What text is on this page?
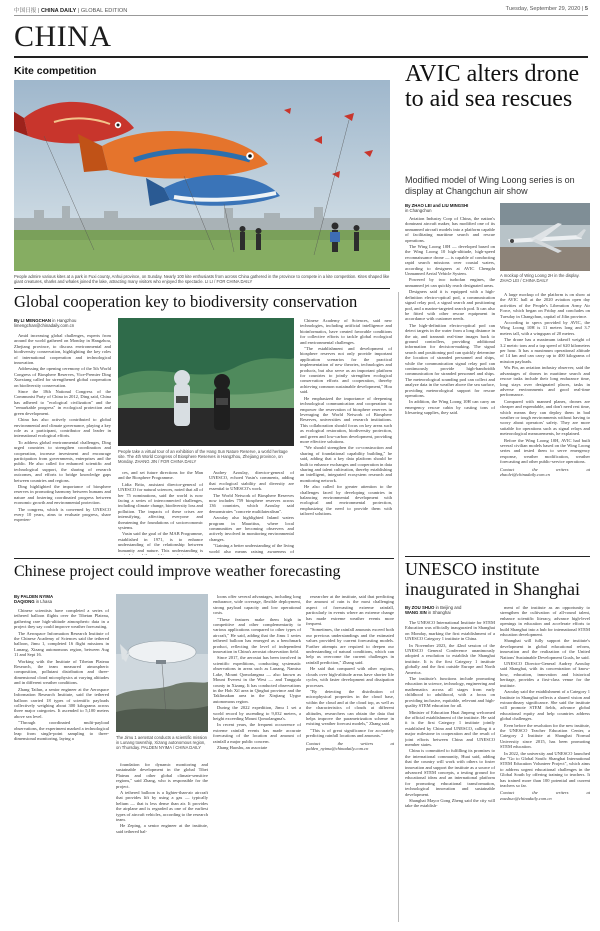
中国日报 | CHINA DAILY | GLOBAL EDITION	Tuesday, September 29, 2020 | 5
CHINA
Kite competition
People admire various kites at a park in Fuxi county, Anhui province, on Sunday. Nearly 100 kite enthusiasts from across China gathered in the province to compete in a kite competition. Kites shaped like giant creatures, sharks and whales joined the lake, attracting many visitors who enjoyed the spectacle. LI LI / FOR CHINA DAILY
AVIC alters drone to aid sea rescues
Modified model of Wing Loong series is on display at Changchun air show
By ZHAO LEI and LIU MINGSHI
in Changchun

Aviation Industry Corp of China, the nation's dominant aircraft maker, has modified one of its unmanned aircraft models into a platform capable of facilitating maritime search and rescue operations.

The Wing Loong 10H — developed based on the Wing Loong 10 high-altitude, high-speed reconnaissance drone — is capable of conducting rapid search missions over coastal waters, according to designers at AVIC Chengdu Unmanned Aerial Vehicle System.

Powered by two turbofan engines, the unmanned jet can quickly reach designated areas.

Designers said it is equipped with a high-definition electro-optical pod, a communication signal relay pod, a signal search and positioning pod, and a marine-targeted search pod. It can also be fitted with other rescue equipment in accordance with customer needs.

The high-definition electro-optical pod can detect targets in the water from a long distance in the air, and transmit real-time images back to ground controllers, providing additional information for decision-making. The signal search and positioning pod can quickly determine the location of stranded personnel and ships, while the communication signal relay pod can continuously provide high-bandwidth communication for stranded personnel and ships. The meteorological sounding pod can collect and analyze data in the weather above the sea surface, providing meteorological support for rescue operations.

In addition, the Wing Loong 10H can carry an emergency rescue cabin by casting tons of lifesaving supplies, they said.

A mockup of Wing Loong 2H in the display. ZHAO LEI / CHINA DAILY

A large mockup of the platform is on show at the AVIC hall at the 2020 aviation open day activities of the People's Liberation Army Air Force, which began on Friday and concludes on Tuesday in Changchun, capital of Jilin province.

According to specs provided by AVIC, the Wing Loong 10H is 11 meters long and 3.7 meters tall, with a wingspan of 20 meters.

The drone has a maximum takeoff weight of 3.2 metric tons and a top speed of 620 kilometers per hour. It has a maximum operational altitude of 14 km and can carry up to 400 kilograms of mission payloads.

Wu Pin, an aviation industry observer, said the advantages of drones in maritime search and rescue tasks include their long endurance time, long stays over designated places, tasks in adverse environments and good real-time performance.

Compared with manned planes, drones are cheaper and expendable, and don't need rest time, which means they can deploy them in bad weather or tough environments without having to worry about operators' safety. They are more suitable for operations such as signal relays and meteorological measurements, he explained.

Before the Wing Loong 10H, AVIC had built several civilian models based on the Wing Loong series and tested them to serve emergency response, weather modification, weather forecasting and other public-service operations.

Contact the writers at zhaolei@chinadaily.com.cn

Global cooperation key to biodiversity conservation
By LI MENGCHAN in Hangzhou
limengchan@chinadaily.com.cn

Amid increasing global challenges, experts from around the world gathered on Monday in Hangzhou, Zhejiang province, to discuss environmental and biodiversity conservation, highlighting the key roles of international cooperation and technological innovation.

Addressing the opening ceremony of the 5th World Congress of Biosphere Reserves, Vice-Premier Ding Xuexiang called for strengthened global cooperation on biodiversity conservation.

Since the 18th National Congress of the Communist Party of China in 2012, Ding said, China has adhered to "ecological civilization" and the "remarkable progress" in ecological protection and green development.

China has also actively contributed to global environmental and climate governance, playing a key role as a participant, contributor and leader in international ecological efforts.

To address global environmental challenges, Ding urged countries to strengthen coordination and cooperation, increase investment and encourage participation from governments, enterprises and the public. He also called for enhanced scientific and technological support, the sharing of research outcomes, and efforts to bridge knowledge gaps between countries and regions.

Ding highlighted the importance of biosphere reserves in promoting harmony between humans and nature and fostering coordinated progress between economic growth and environmental protection.

The congress, which is convened by UNESCO every 10 years, aims to evaluate progress, share experien-

People take a virtual tour of an exhibition of the Hang Sun Nature Reserve, a world heritage site. The 4th World Congress of Biosphere Reserves in Hangzhou, Zhejiang province, on Monday. ZHANG JIN / FOR CHINA DAILY

ces, and set future directions for the Man and the Biosphere Programme.

Lidia Brito, assistant director-general of UNESCO for natural sciences, noted that all of her 75 nominations, said the world is now facing a series of interconnected challenges, including climate change, biodiversity loss and pollution. The impacts of these crises are intensifying, affecting everyone and threatening the foundations of socioeconomic systems.

Vasin said the goal of the MAB Programme, established in 1971, is to enhance understanding of the relationship between humanity and nature. This understanding is

Audrey Azoulay, director-general of UNESCO, echoed Vasin's comments, adding that ecological stability and diversity are essential to UNESCO's work.

The World Network of Biosphere Reserves now includes 759 biosphere reserves across 136 countries, which Azoulay said demonstrates "concrete multilateralism".

Azoulay also highlighted Inland waters program in Mauritius, where local communities are becoming observers and actively involved in monitoring environmental changes.

"Gaining a better understanding of the living world also means raising awareness of

Chinese Academy of Sciences, said new technologies, including artificial intelligence and bioinformatics, have created favorable conditions for collective efforts to tackle global ecological and environmental challenges.

"The establishment and development of biosphere reserves not only provide important application scenarios for the practical implementation of new theories, technologies and products, but also serve as an important platform for countries to jointly strengthen ecological conservation efforts and cooperation, thereby achieving common sustainable development," Hou said.

He emphasized the importance of deepening technological communication and cooperation to empower the reservation of biosphere reserves in leveraging the World Network of Biosphere Reserves, universities and research institutions. This collaboration should focus on key areas such as ecological restoration, biodiversity protection, and green and low-carbon development, providing more effective solutions.

"We should strengthen the co-construction and sharing of foundational capability building," he said, adding that a key data platform should be built to enhance exchanges and cooperation in data sharing and talent cultivation, thereby establishing an intelligent, integrated ecosystem research and monitoring network.

He also called for greater attention to the challenges faced by developing countries in balancing environmental development with ecological and environmental protection, emphasizing the need to provide them with tailored solutions.

UNESCO institute inaugurated in Shanghai
By ZOU SHUO in Beijing and
WANG XIN in Shanghai

The UNESCO International Institute for STEM Education was officially inaugurated in Shanghai on Monday, marking the first establishment of a UNESCO Category 1 institute in China.

In November 2023, the 42nd session of the UNESCO General Conference unanimously adopted a resolution to establish the Shanghai institute. It is the first Category 1 institute globally and the first outside Europe and North America.

The institute's functions include promoting education in science, technology, engineering and mathematics across all stages from early childhood to adulthood, with a focus on providing inclusive, equitable, relevant and high-quality STEM education for all.

Minister of Education Huai Jinpeng welcomed the official establishment of the institute. He said it is the first Category 1 institute jointly established by China and UNESCO, calling it a major milestone in cooperation and the result of joint efforts between China and UNESCO member states.

China is committed to fulfilling its promises to the international community, Huai said, adding that the country will work with others to foster innovation and support the institute as a source of advanced STEM concepts, a testing ground for educational ideas and an international platform for promoting educational transformation, technological innovation and sustainable development.

Shanghai Mayor Gong Zheng said the city will take the establish-

ment of the institute as an opportunity to strengthen the cultivation of all-round talent, enhance scientific literacy, advance high-level openings in education and accelerate efforts to build Shanghai into a hub for international STEM education development.

Shanghai will fully support the institute's development in global educational reform, innovation and the realization of the United Nations' Sustainable Development Goals, he said.

UNESCO Director-General Audrey Azoulay said Shanghai, with its concentration of know-how, education, innovation and historical heritage, provides a first-class venue for the institute.

Azoulay said the establishment of a Category 1 Institute in Shanghai reflects a shared vision and extraordinary significance. She said the institute will promote STEM fields, advance global educational equity and help countries address global challenges.

Even before the resolution for the new institute, the UNESCO Teacher Education Center, a Category 2 Institute at Shanghai Normal University since 2015, has been promoting STEM education.

In 2022, the university and UNESCO launched the "Go to Global South: Shanghai International STEM Education Volunteer Project", which aims to address urgent educational challenges in the Global South by offering training to teachers. It has trained more than 100 potential and current teachers so far.

Contact the writers at zoushuo@chinadaily.com.cn

Chinese project could improve weather forecasting
By PALDEN NYIMA
DAQIONG in Lhasa

Chinese scientists have completed a series of tethered balloon flights over the Tibetan Plateau, gathering rare high-altitude atmospheric data in a project they say could improve weather forecasting.

The Aerospace Information Research Institute of the Chinese Academy of Sciences said the tethered balloon, Jimu 1, completed 16 flight missions in Lunang, Xizang autonomous region, between Aug 11 and Sept 16.

Working with the Institute of Tibetan Plateau Research, the team measured atmospheric composition, pollutant distribution and three-dimensional cloud microphysics at varying altitudes and in different weather conditions.

Zhang Tailun, a senior engineer at the Aerospace Information Research Institute, said the tethered balloon carried 18 types of scientific payloads collectively weighing about 300 kilograms across three major categories. It ascended to 5,100 meters above sea level.

"Through coordinated multi-payload observations, the experiment marked a technological leap from single-point sampling to three-dimensional monitoring, laying a	The Jimu 1 aerostat conducts a scientific mission in Lunang township, Xizang autonomous region, on Thursday. PALDEN NYIMA / CHINA DAILY

foundation for dynamic monitoring and sustainable development in the global Tibet Plateau and other global climate-sensitive regions," said Zhang, who is responsible for the project.

A tethered balloon is a lighter-than-air aircraft that provides lift by using a gas — typically helium — that is less dense than air. It provides the airplane and is regarded as one of the earliest types of aircraft vehicles, according to the research team.

He Zeping, a senior engineer at the institute, said tethered bal-

loons offer several advantages, including long endurance, wide coverage, flexible deployment, strong payload capacity and low operational costs.

"These features make them high in competitive and other complementarity to various applications compared to other types of aircraft," He said, adding that the Jimu 1 series tethered balloon has emerged as a benchmark product, reflecting the level of independent innovation in China's aerostat observation field.

Since 2017, the aerostat has been involved in scientific expeditions, conducting systematic observations in areas such as Lunang, Namtso Lake, Mount Qomolangma — also known as Mount Everest in the West — and Tanggula county in Xizang. It has conducted observations in the Hoh Xil area in Qinghai province and the Taklimakan area in the Xinjiang Uygur autonomous region.

During the 2022 expedition, Jimu 1 set a world record by ascending to 9,032 meters, a height exceeding Mount Qomolangma's.

In recent years, the frequent occurrence of extreme rainfall events has made accurate forecasting of the location and amount of rainfall a major public concern.

Zhang Haoshu, an associate

researcher at the institute, said that predicting the amount of rain is the most challenging aspect of forecasting extreme rainfall, particularly in events where an extreme change has made extreme weather events more frequent.

"Sometimes, the rainfall amounts exceed both our previous understandings and the estimated values provided by current forecasting models. Further attempts are required to deepen our understanding of natural conditions, which can help us overcome the current challenges in rainfall prediction," Zhang said.

He said that compared with other regions, clouds over high-altitude areas have shorter life cycles, with faster development and dissipation processes.

"By detecting the distribution of microphysical properties in the cloud base, within the cloud and at the cloud top, as well as the characteristics of clouds at different altitudes, researchers can obtain the data that helps improve the parametrization scheme in existing weather forecast models," Zhang said.

"This is of great significance for accurately predicting rainfall locations and amounts."

Contact the writers at palden_nyima@chinadaily.com.cn
